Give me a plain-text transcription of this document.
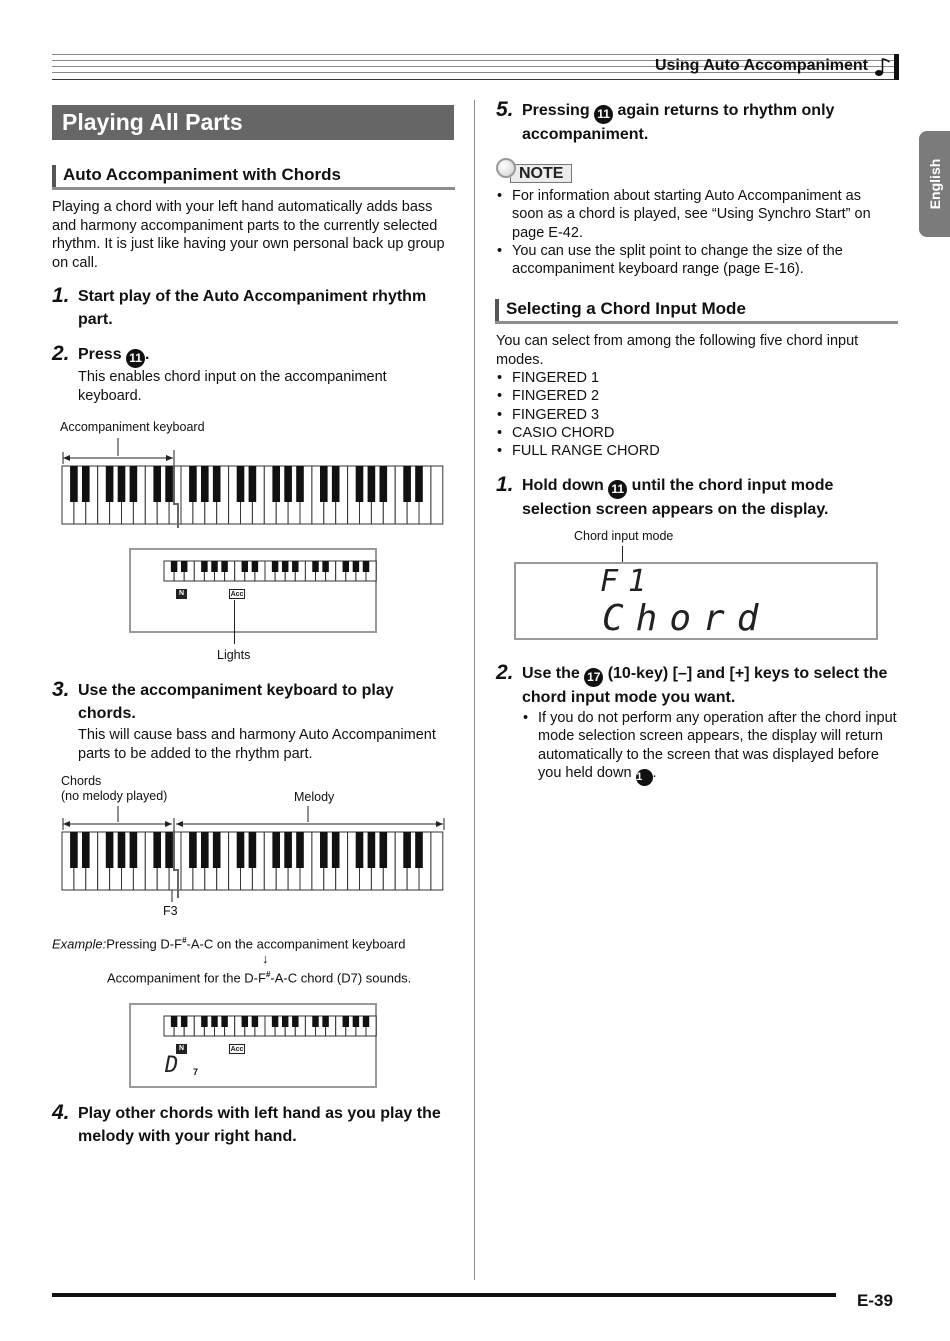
Using Auto Accompaniment
English
Playing All Parts
Auto Accompaniment with Chords
Playing a chord with your left hand automatically adds bass and harmony accompaniment parts to the currently selected rhythm. It is just like having your own personal back up group on call.
1. Start play of the Auto Accompaniment rhythm part.
2. Press 11 .
This enables chord input on the accompaniment keyboard.
Accompaniment keyboard
N	Acc
Lights
3. Use the accompaniment keyboard to play chords.
This will cause bass and harmony Auto Accompaniment parts to be added to the rhythm part.
Chords
(no melody played)	Melody
F3
Example:Pressing D-F#-A-C on the accompaniment keyboard
↓
Accompaniment for the D-F#-A-C chord (D7) sounds.
N	Acc
D 7
4. Play other chords with left hand as you play the melody with your right hand.
5. Pressing 11 again returns to rhythm only accompaniment.
NOTE
• For information about starting Auto Accompaniment as soon as a chord is played, see “Using Synchro Start” on page E-42.
• You can use the split point to change the size of the accompaniment keyboard range (page E-16).
Selecting a Chord Input Mode
You can select from among the following five chord input modes.
• FINGERED 1
• FINGERED 2
• FINGERED 3
• CASIO CHORD
• FULL RANGE CHORD
1. Hold down 11 until the chord input mode selection screen appears on the display.
Chord input mode
F1
Chord
2. Use the 17 (10-key) [–] and [+] keys to select the chord input mode you want.
• If you do not perform any operation after the chord input mode selection screen appears, the display will return automatically to the screen that was displayed before you held down 11 .
E-39
